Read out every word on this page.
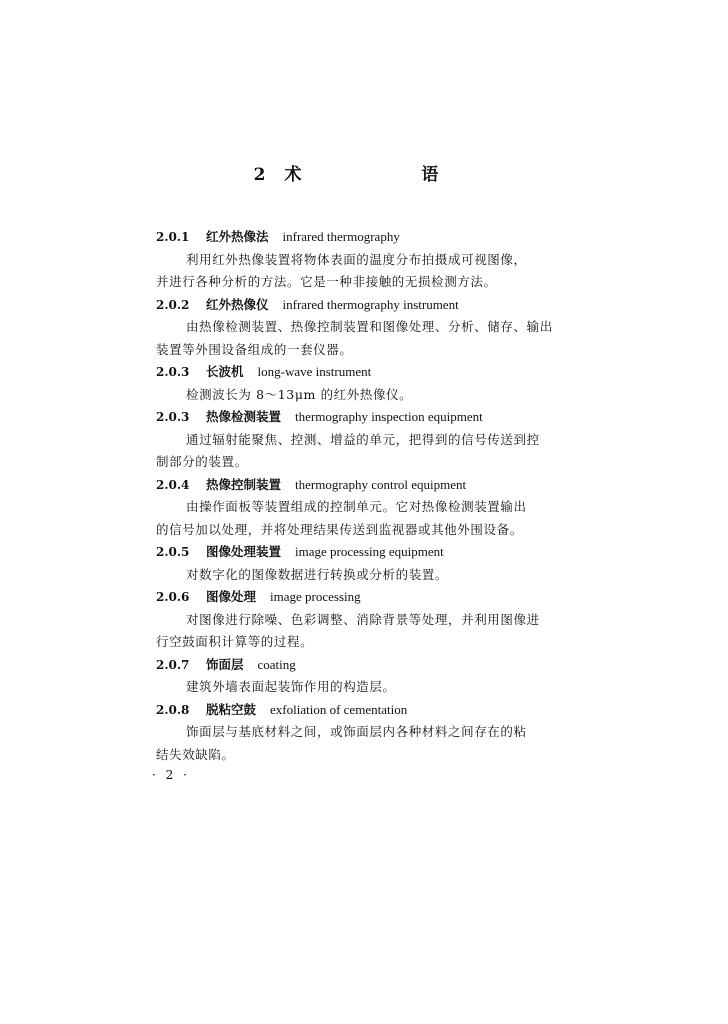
2 术  语
2.0.1 红外热像法 infrared thermography
利用红外热像装置将物体表面的温度分布拍摄成可视图像，
并进行各种分析的方法。它是一种非接触的无损检测方法。
2.0.2 红外热像仪 infrared thermography instrument
由热像检测装置、热像控制装置和图像处理、分析、储存、输出
装置等外围设备组成的一套仪器。
2.0.3 长波机 long-wave instrument
检测波长为 8～13μm 的红外热像仪。
2.0.3 热像检测装置 thermography inspection equipment
通过辐射能聚焦、控测、增益的单元，把得到的信号传送到控
制部分的装置。
2.0.4 热像控制装置 thermography control equipment
由操作面板等装置组成的控制单元。它对热像检测装置输出
的信号加以处理，并将处理结果传送到监视器或其他外围设备。
2.0.5 图像处理装置 image processing equipment
对数字化的图像数据进行转换或分析的装置。
2.0.6 图像处理 image processing
对图像进行除噪、色彩调整、消除背景等处理，并利用图像进
行空鼓面积计算等的过程。
2.0.7 饰面层 coating
建筑外墙表面起装饰作用的构造层。
2.0.8 脱粘空鼓 exfoliation of cementation
饰面层与基底材料之间，或饰面层内各种材料之间存在的粘
结失效缺陷。
· 2 ·
